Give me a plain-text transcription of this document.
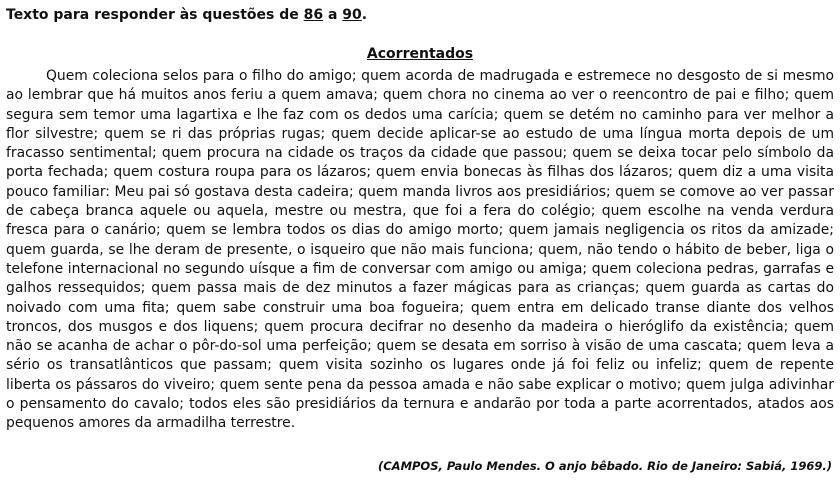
Texto para responder às questões de 86 a 90.

Acorrentados

Quem coleciona selos para o filho do amigo; quem acorda de madrugada e estremece no desgosto de si mesmo ao lembrar que há muitos anos feriu a quem amava; quem chora no cinema ao ver o reencontro de pai e filho; quem segura sem temor uma lagartixa e lhe faz com os dedos uma carícia; quem se detém no caminho para ver melhor a flor silvestre; quem se ri das próprias rugas; quem decide aplicar-se ao estudo de uma língua morta depois de um fracasso sentimental; quem procura na cidade os traços da cidade que passou; quem se deixa tocar pelo símbolo da porta fechada; quem costura roupa para os lázaros; quem envia bonecas às filhas dos lázaros; quem diz a uma visita pouco familiar: Meu pai só gostava desta cadeira; quem manda livros aos presidiários; quem se comove ao ver passar de cabeça branca aquele ou aquela, mestre ou mestra, que foi a fera do colégio; quem escolhe na venda verdura fresca para o canário; quem se lembra todos os dias do amigo morto; quem jamais negligencia os ritos da amizade; quem guarda, se lhe deram de presente, o isqueiro que não mais funciona; quem, não tendo o hábito de beber, liga o telefone internacional no segundo uísque a fim de conversar com amigo ou amiga; quem coleciona pedras, garrafas e galhos ressequidos; quem passa mais de dez minutos a fazer mágicas para as crianças; quem guarda as cartas do noivado com uma fita; quem sabe construir uma boa fogueira; quem entra em delicado transe diante dos velhos troncos, dos musgos e dos liquens; quem procura decifrar no desenho da madeira o hieróglifo da existência; quem não se acanha de achar o pôr-do-sol uma perfeição; quem se desata em sorriso à visão de uma cascata; quem leva a sério os transatlânticos que passam; quem visita sozinho os lugares onde já foi feliz ou infeliz; quem de repente liberta os pássaros do viveiro; quem sente pena da pessoa amada e não sabe explicar o motivo; quem julga adivinhar o pensamento do cavalo; todos eles são presidiários da ternura e andarão por toda a parte acorrentados, atados aos pequenos amores da armadilha terrestre.

(CAMPOS, Paulo Mendes. O anjo bêbado. Rio de Janeiro: Sabiá, 1969.)
